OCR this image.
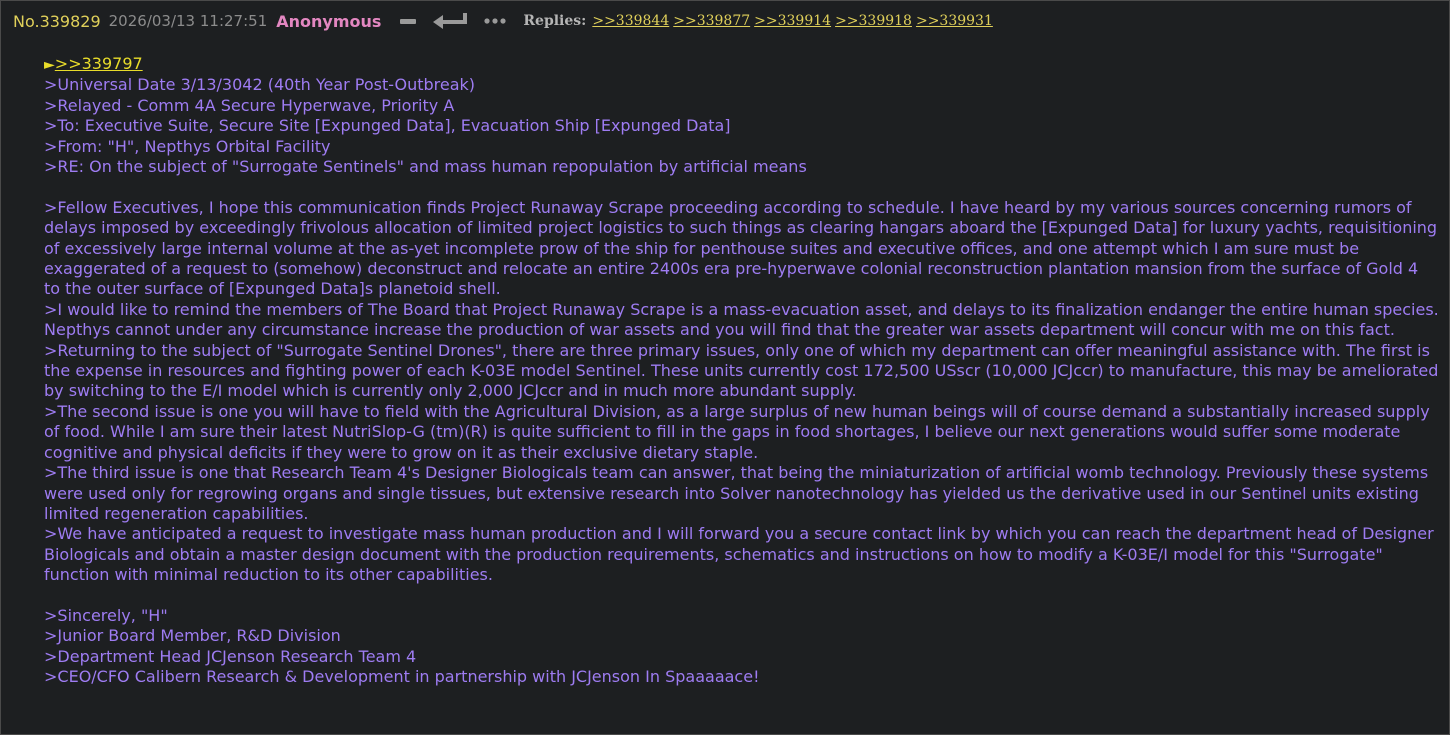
No.339829 2026/03/13 11:27:51 Anonymous	Replies: >>339844 >>339877 >>339914 >>339918 >>339931
►>>339797
>Universal Date 3/13/3042 (40th Year Post-Outbreak)
>Relayed - Comm 4A Secure Hyperwave, Priority A
>To: Executive Suite, Secure Site [Expunged Data], Evacuation Ship [Expunged Data]
>From: "H", Nepthys Orbital Facility
>RE: On the subject of "Surrogate Sentinels" and mass human repopulation by artificial means
>Fellow Executives, I hope this communication finds Project Runaway Scrape proceeding according to schedule. I have heard by my various sources concerning rumors of delays imposed by exceedingly frivolous allocation of limited project logistics to such things as clearing hangars aboard the [Expunged Data] for luxury yachts, requisitioning of excessively large internal volume at the as-yet incomplete prow of the ship for penthouse suites and executive offices, and one attempt which I am sure must be exaggerated of a request to (somehow) deconstruct and relocate an entire 2400s era pre-hyperwave colonial reconstruction plantation mansion from the surface of Gold 4 to the outer surface of [Expunged Data]s planetoid shell.
>I would like to remind the members of The Board that Project Runaway Scrape is a mass-evacuation asset, and delays to its finalization endanger the entire human species. Nepthys cannot under any circumstance increase the production of war assets and you will find that the greater war assets department will concur with me on this fact.
>Returning to the subject of "Surrogate Sentinel Drones", there are three primary issues, only one of which my department can offer meaningful assistance with. The first is the expense in resources and fighting power of each K-03E model Sentinel. These units currently cost 172,500 USscr (10,000 JCJccr) to manufacture, this may be ameliorated by switching to the E/I model which is currently only 2,000 JCJccr and in much more abundant supply.
>The second issue is one you will have to field with the Agricultural Division, as a large surplus of new human beings will of course demand a substantially increased supply of food. While I am sure their latest NutriSlop-G (tm)(R) is quite sufficient to fill in the gaps in food shortages, I believe our next generations would suffer some moderate cognitive and physical deficits if they were to grow on it as their exclusive dietary staple.
>The third issue is one that Research Team 4's Designer Biologicals team can answer, that being the miniaturization of artificial womb technology. Previously these systems were used only for regrowing organs and single tissues, but extensive research into Solver nanotechnology has yielded us the derivative used in our Sentinel units existing limited regeneration capabilities.
>We have anticipated a request to investigate mass human production and I will forward you a secure contact link by which you can reach the department head of Designer Biologicals and obtain a master design document with the production requirements, schematics and instructions on how to modify a K-03E/I model for this "Surrogate" function with minimal reduction to its other capabilities.
>Sincerely, "H"
>Junior Board Member, R&D Division
>Department Head JCJenson Research Team 4
>CEO/CFO Calibern Research & Development in partnership with JCJenson In Spaaaaace!
